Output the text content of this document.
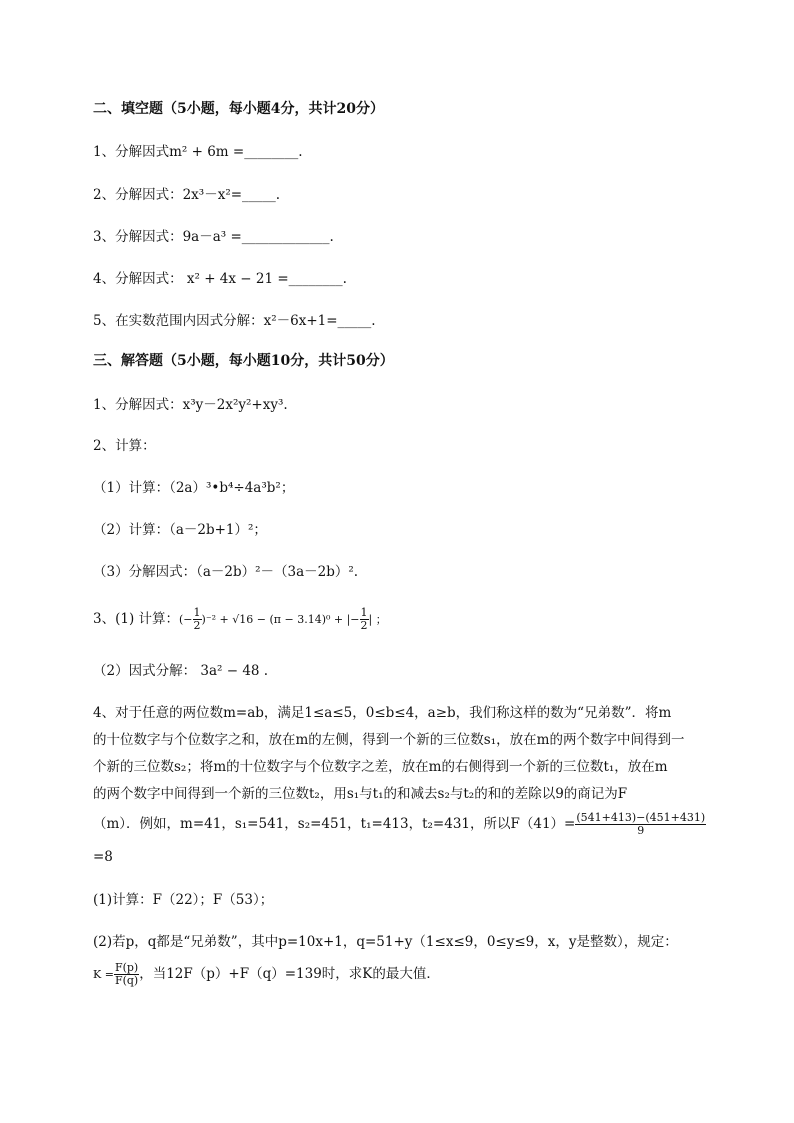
二、填空题（5小题，每小题4分，共计20分）
1、分解因式m² + 6m =________.
2、分解因式：2x³－x²=_____.
3、分解因式：9a－a³ =_____________.
4、分解因式： x² + 4x − 21 =________.
5、在实数范围内因式分解：x²－6x+1=_____.
三、解答题（5小题，每小题10分，共计50分）
1、分解因式：x³y－2x²y²+xy³.
2、计算：
（1）计算：（2a）³•b⁴÷4a³b²；
（2）计算：（a－2b+1）²；
（3）分解因式：（a－2b）²－（3a－2b）².
3、(1) 计算：(− $\frac{1}{2} )^{-2} + √16 - (\pi - 3.14)^0$ + |− $\frac{1}{2}$ | ；
（2）因式分解： 3a² − 48 .
4、对于任意的两位数m=ab，满足1≤a≤5，0≤b≤4，a≥b，我们称这样的数为“兄弟数”．将m
的十位数字与个位数字之和，放在m的左侧，得到一个新的三位数s₁，放在m的两个数字中间得到一
个新的三位数s₂；将m的十位数字与个位数字之差，放在m的右侧得到一个新的三位数t₁，放在m
的两个数字中间得到一个新的三位数t₂，用s₁与t₁的和减去s₂与t₂的和的差除以9的商记为F
（m）．例如，m=41，s₁=541，s₂=451，t₁=413，t₂=431，所以$F(41)= \frac{(541+413)-(451+431)}{9}$
=8
(1)计算：F（22）；F（53）；
(2)若p，q都是“兄弟数”，其中p=10x+1，q=51+y（1≤x≤9，0≤y≤9，x，y是整数），规定：
$K = \frac{F(p)}{F(q)}$ ，当12F（p）+F（q）=139时，求K的最大值．
